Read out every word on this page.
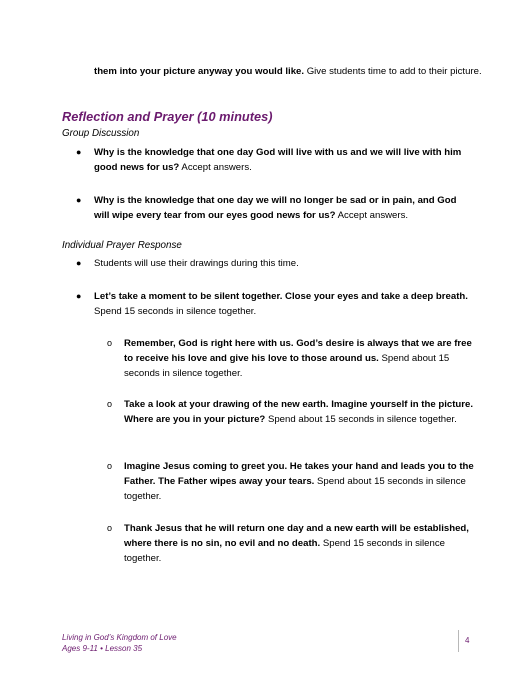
them into your picture anyway you would like. Give students time to add to their picture.
Reflection and Prayer (10 minutes)
Group Discussion
● Why is the knowledge that one day God will live with us and we will live with him good news for us? Accept answers.
● Why is the knowledge that one day we will no longer be sad or in pain, and God will wipe every tear from our eyes good news for us? Accept answers.
Individual Prayer Response
● Students will use their drawings during this time.
● Let’s take a moment to be silent together. Close your eyes and take a deep breath. Spend 15 seconds in silence together.
o Remember, God is right here with us. God’s desire is always that we are free to receive his love and give his love to those around us. Spend about 15 seconds in silence together.
o Take a look at your drawing of the new earth. Imagine yourself in the picture. Where are you in your picture? Spend about 15 seconds in silence together.
o Imagine Jesus coming to greet you. He takes your hand and leads you to the Father. The Father wipes away your tears. Spend about 15 seconds in silence together.
o Thank Jesus that he will return one day and a new earth will be established, where there is no sin, no evil and no death. Spend 15 seconds in silence together.
Living in God’s Kingdom of Love
Ages 9-11 • Lesson 35
4
